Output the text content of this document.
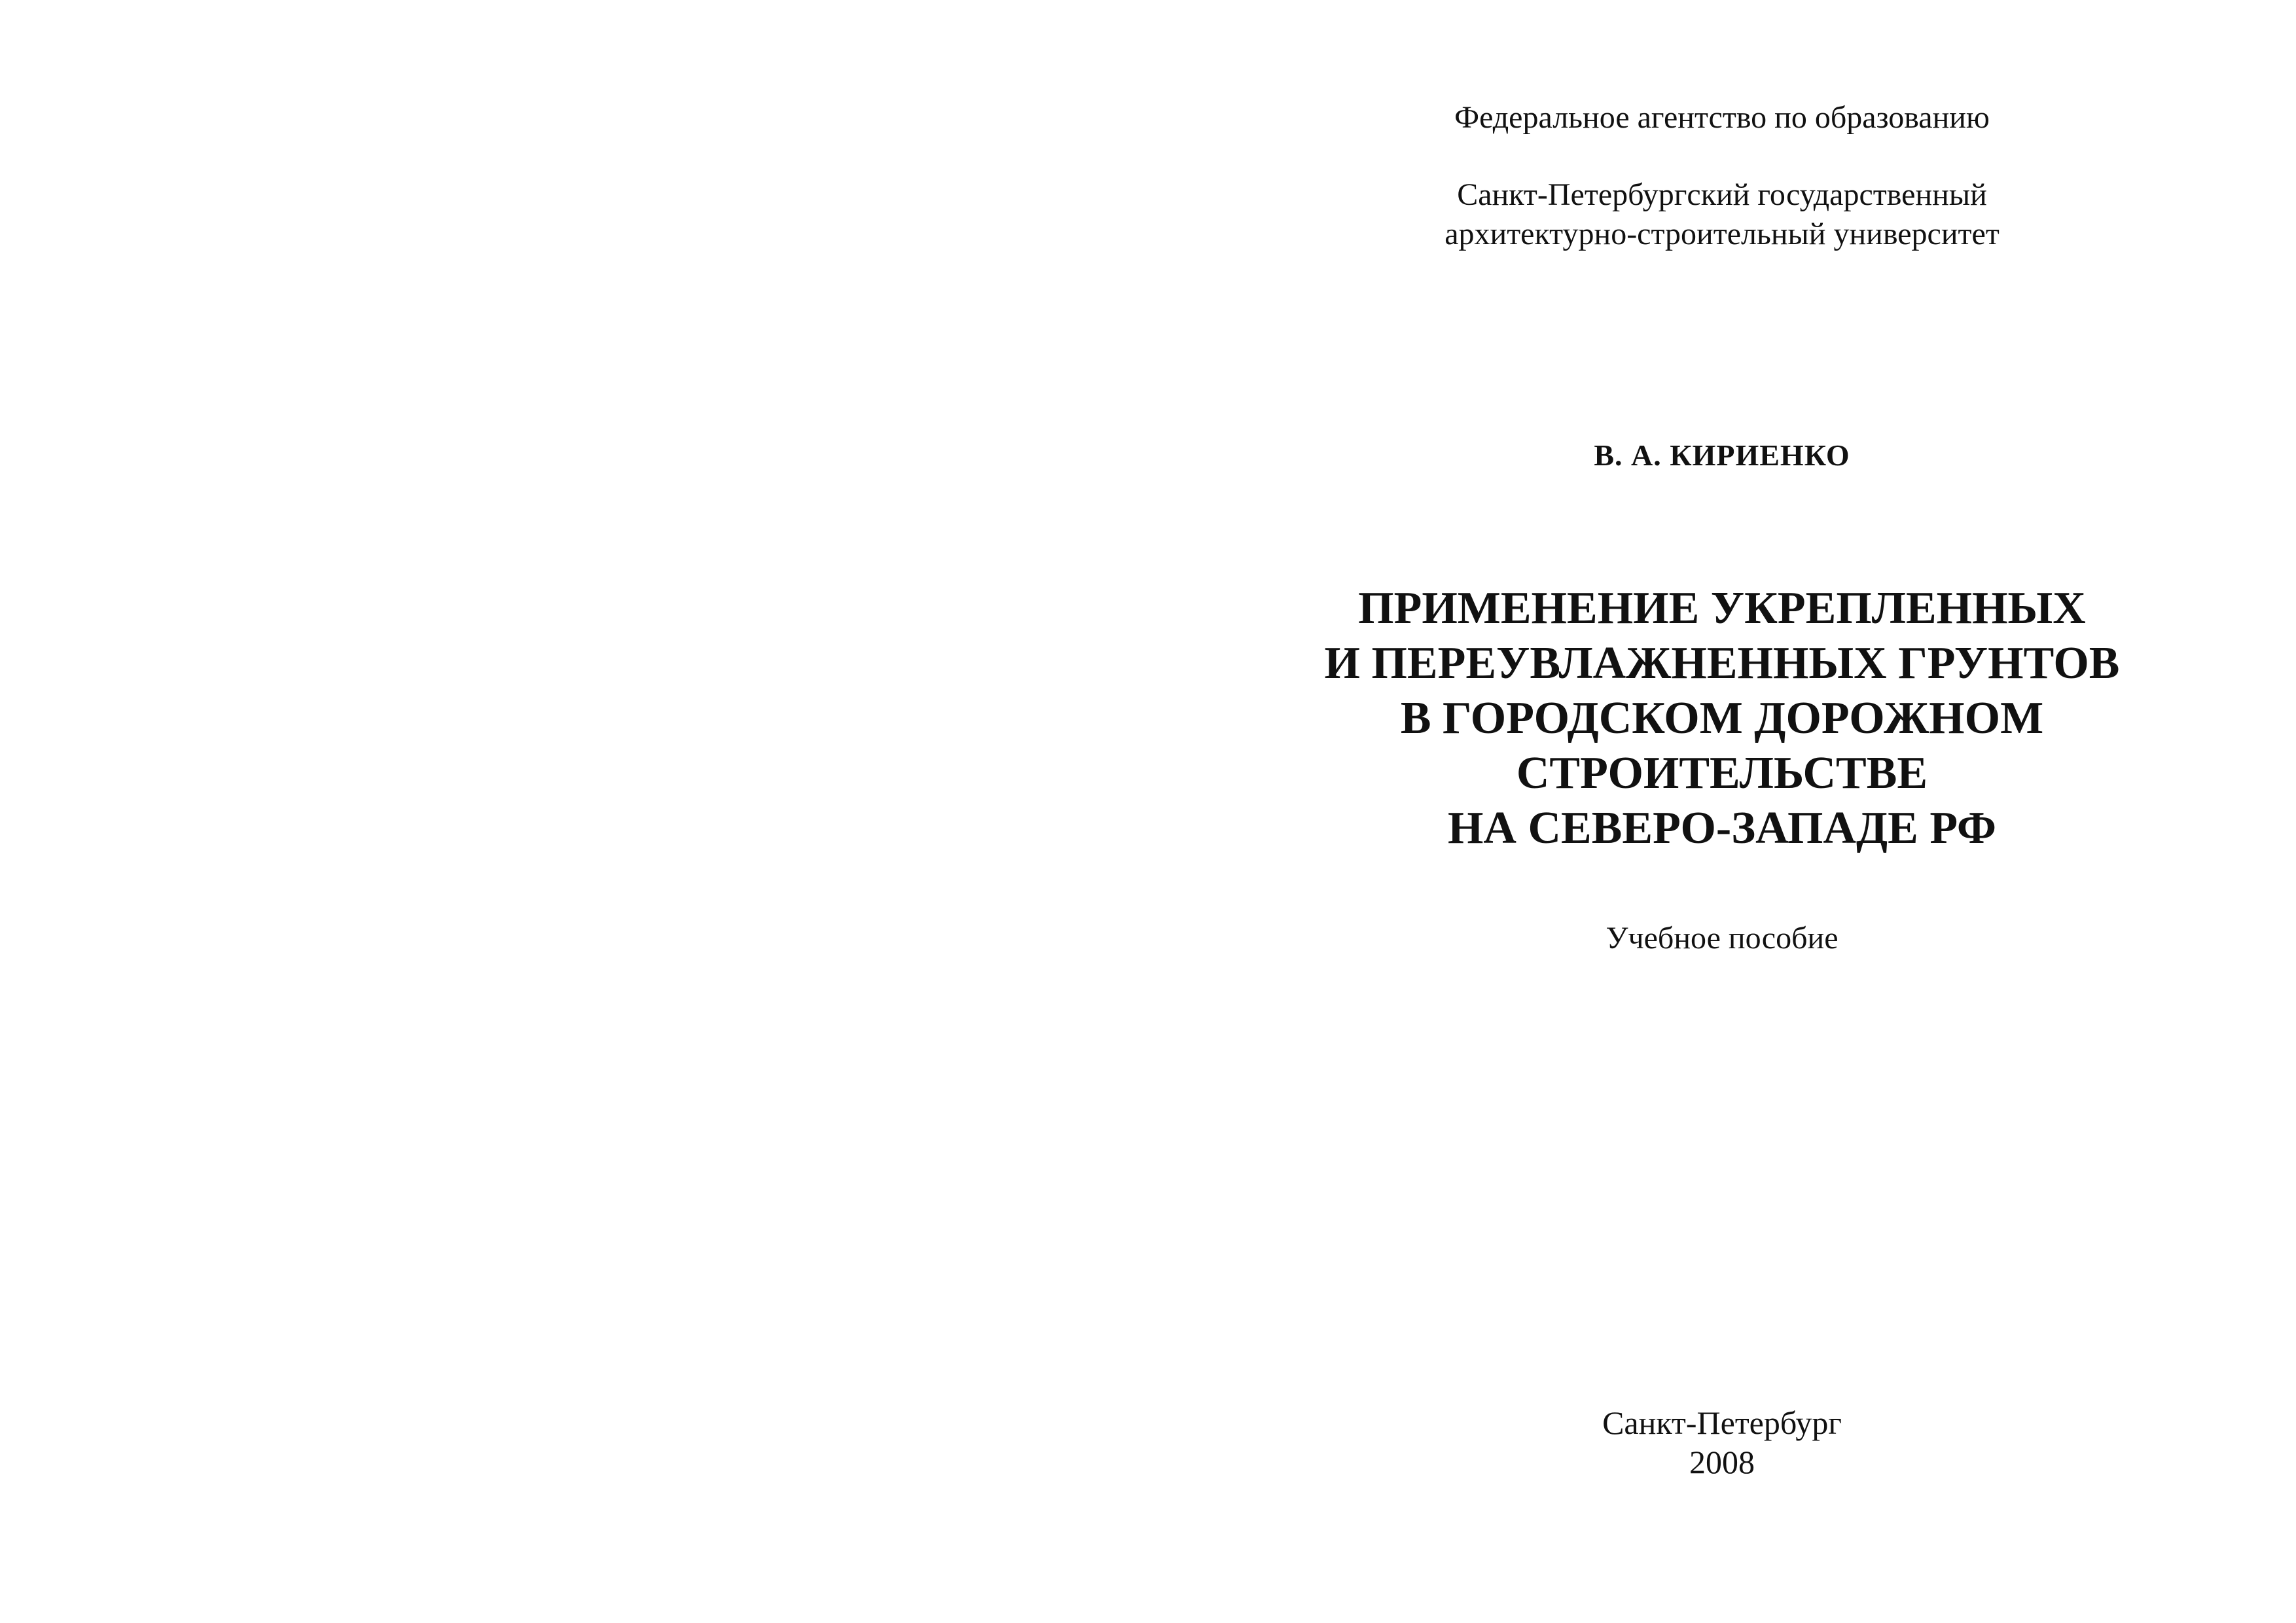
Федеральное агентство по образованию
Санкт-Петербургский государственный
архитектурно-строительный университет
В. А. КИРИЕНКО
ПРИМЕНЕНИЕ УКРЕПЛЕННЫХ
И ПЕРЕУВЛАЖНЕННЫХ ГРУНТОВ
В ГОРОДСКОМ ДОРОЖНОМ
СТРОИТЕЛЬСТВЕ
НА СЕВЕРО-ЗАПАДЕ РФ
Учебное пособие
Санкт-Петербург
2008
